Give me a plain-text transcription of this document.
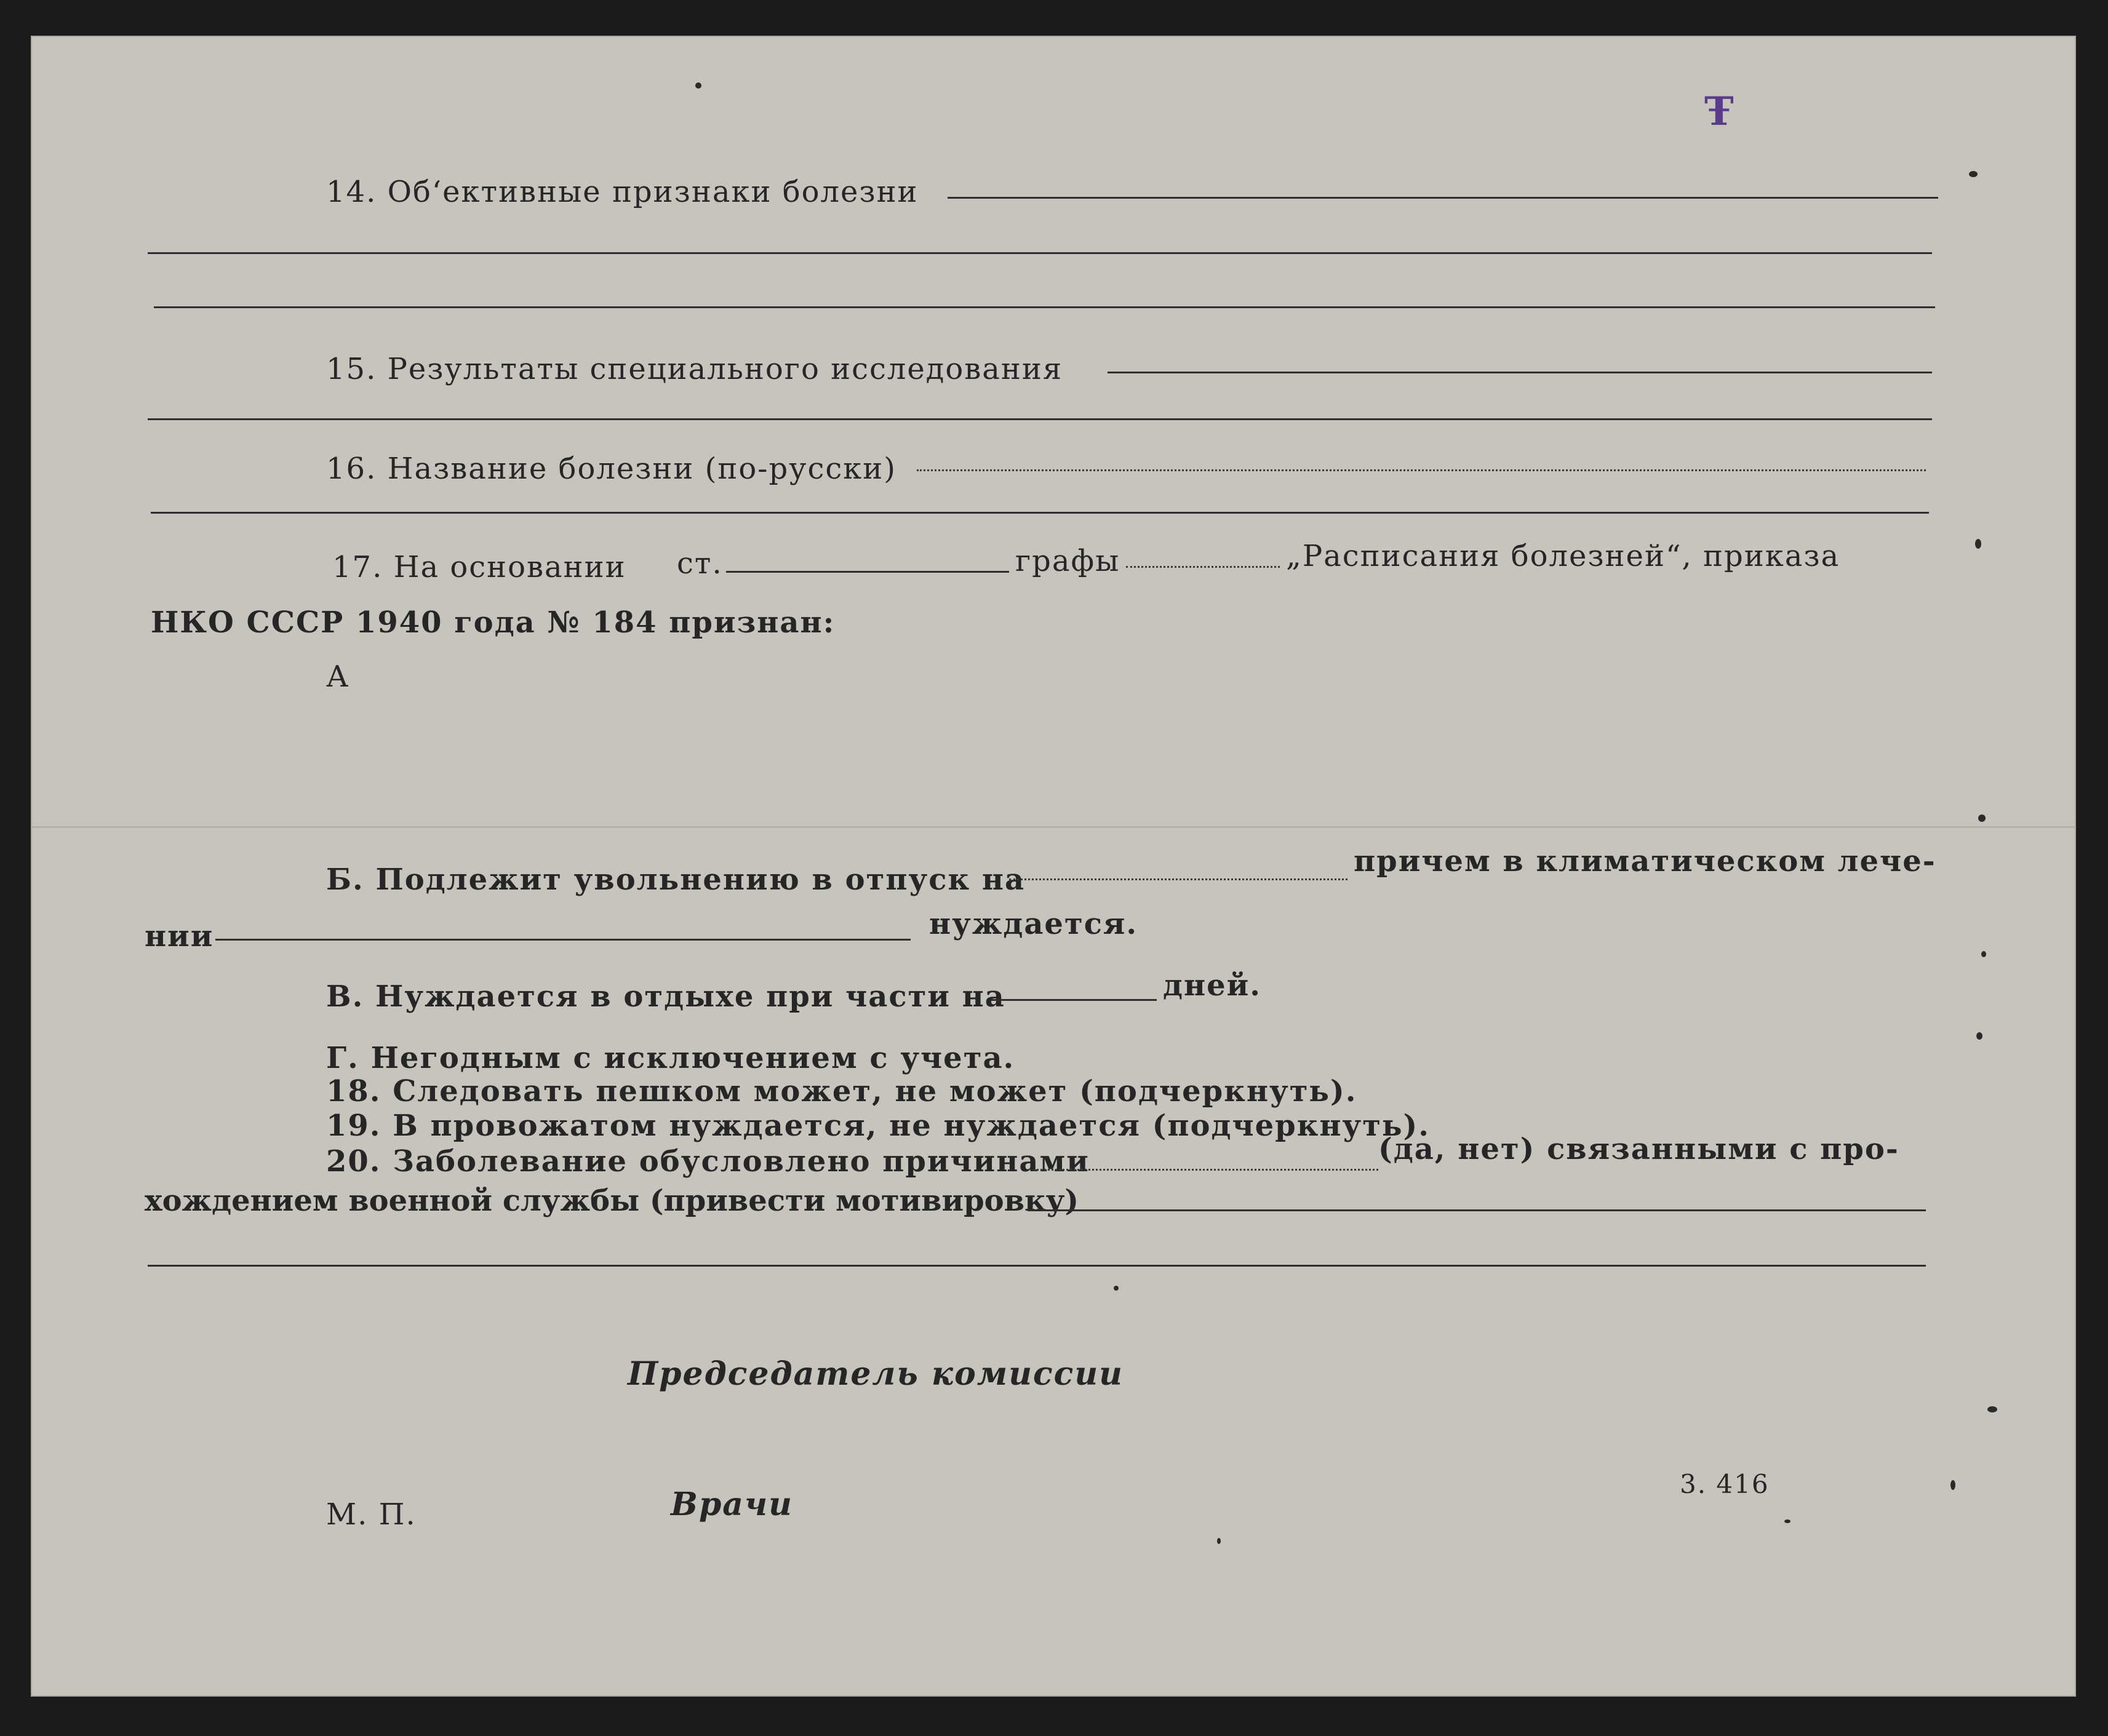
14. Об‘ективные признаки болезни
15. Результаты специального исследования
16. Название болезни (по-русски)
17. На основании ст.	графы	„Расписания болезней“, приказа
НКО СССР 1940 года № 184 признан:
А
Б. Подлежит увольнению в отпуск на
причем в климатическом лече-
нии	нуждается.
В. Нуждается в отдыхе при части на	дней.
Г. Негодным с исключением с учета.
18. Следовать пешком может, не может (подчеркнуть).
19. В провожатом нуждается, не нуждается (подчеркнуть).
20. Заболевание обусловлено причинами	(да, нет) связанными с про-
хождением военной службы (привести мотивировку)
Председатель комиссии
М. П.	Врачи
3. 416
Ŧ
